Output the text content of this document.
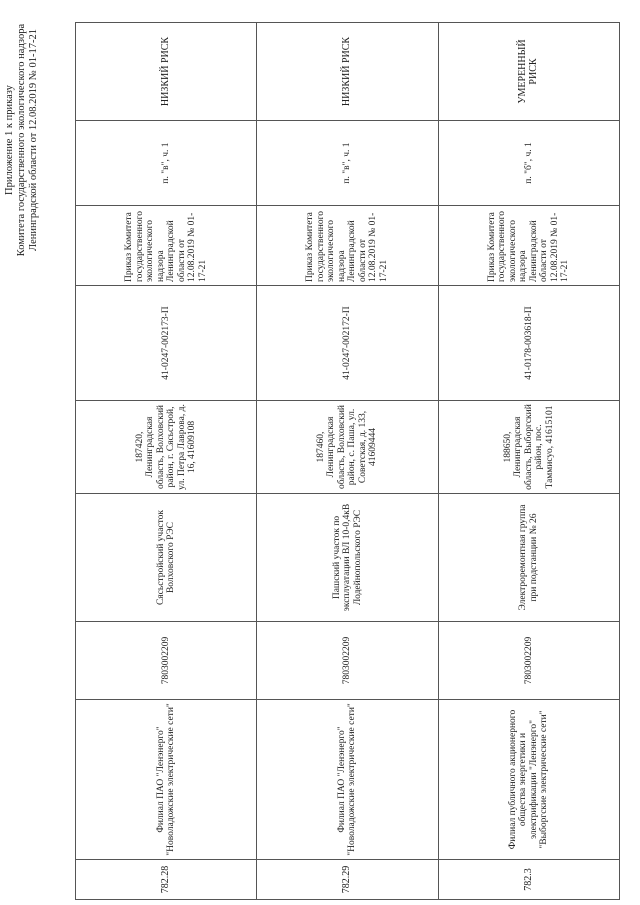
Приложение 1 к приказу Комитета государственного экологического надзора Ленинградской области от 12.08.2019 № 01-17-21
782.28	Филиал ПАО "Ленэнерго" "Новоладожские электрические сети"	7803002209	Сясьстройский участок Волховского РЭС	187420, Ленинградская область, Волховский район, г. Сясьстрой, ул. Петра Лаврова, д. 16, 41609108	41-0247-002173-П	Приказ Комитета государственного экологического надзора Ленинградской области от 12.08.2019 № 01-17-21	п. "в", ч. 1	НИЗКИЙ РИСК
782.29	Филиал ПАО "Ленэнерго" "Новоладожские электрические сети"	7803002209	Пашский участок по эксплуатации ВЛ 10-0,4кВ Лодейнопольского РЭС	187460, Ленинградская область, Волховский район, с. Паша, ул. Советская, д. 133, 41609444	41-0247-002172-П	Приказ Комитета государственного экологического надзора Ленинградской области от 12.08.2019 № 01-17-21	п. "в", ч. 1	НИЗКИЙ РИСК
782.3	Филиал публичного акционерного общества энергетики и электрификации "Ленэнерго" "Выборгские электрические сети"	7803002209	Электроремонтная группа при подстанции № 26	188650, Ленинградская область, Выборгский район, пос. Таммисуо, 41615101	41-0178-003618-П	Приказ Комитета государственного экологического надзора Ленинградской области от 12.08.2019 № 01-17-21	п. "б", ч. 1	УМЕРЕННЫЙ РИСК
